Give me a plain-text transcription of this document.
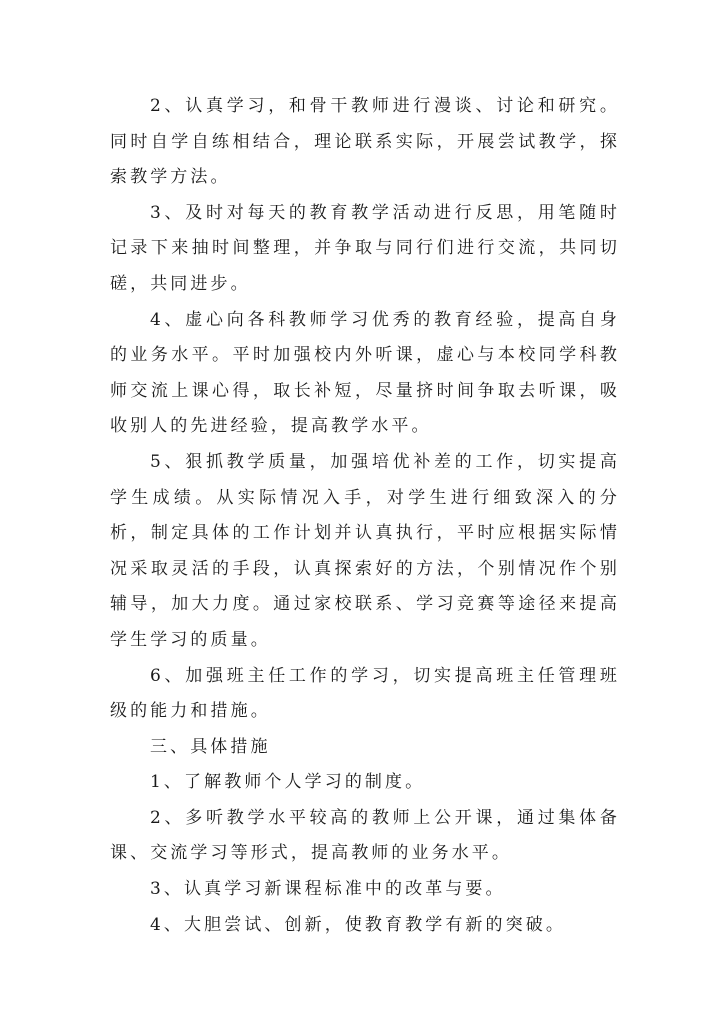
2、认真学习，和骨干教师进行漫谈、讨论和研究。同时自学自练相结合，理论联系实际，开展尝试教学，探索教学方法。

3、及时对每天的教育教学活动进行反思，用笔随时记录下来抽时间整理，并争取与同行们进行交流，共同切磋，共同进步。

4、虚心向各科教师学习优秀的教育经验，提高自身的业务水平。平时加强校内外听课，虚心与本校同学科教师交流上课心得，取长补短，尽量挤时间争取去听课，吸收别人的先进经验，提高教学水平。

5、狠抓教学质量，加强培优补差的工作，切实提高学生成绩。从实际情况入手，对学生进行细致深入的分析，制定具体的工作计划并认真执行，平时应根据实际情况采取灵活的手段，认真探索好的方法，个别情况作个别辅导，加大力度。通过家校联系、学习竞赛等途径来提高学生学习的质量。

6、加强班主任工作的学习，切实提高班主任管理班级的能力和措施。

三、具体措施

1、了解教师个人学习的制度。

2、多听教学水平较高的教师上公开课，通过集体备课、交流学习等形式，提高教师的业务水平。

3、认真学习新课程标准中的改革与要。

4、大胆尝试、创新，使教育教学有新的突破。
